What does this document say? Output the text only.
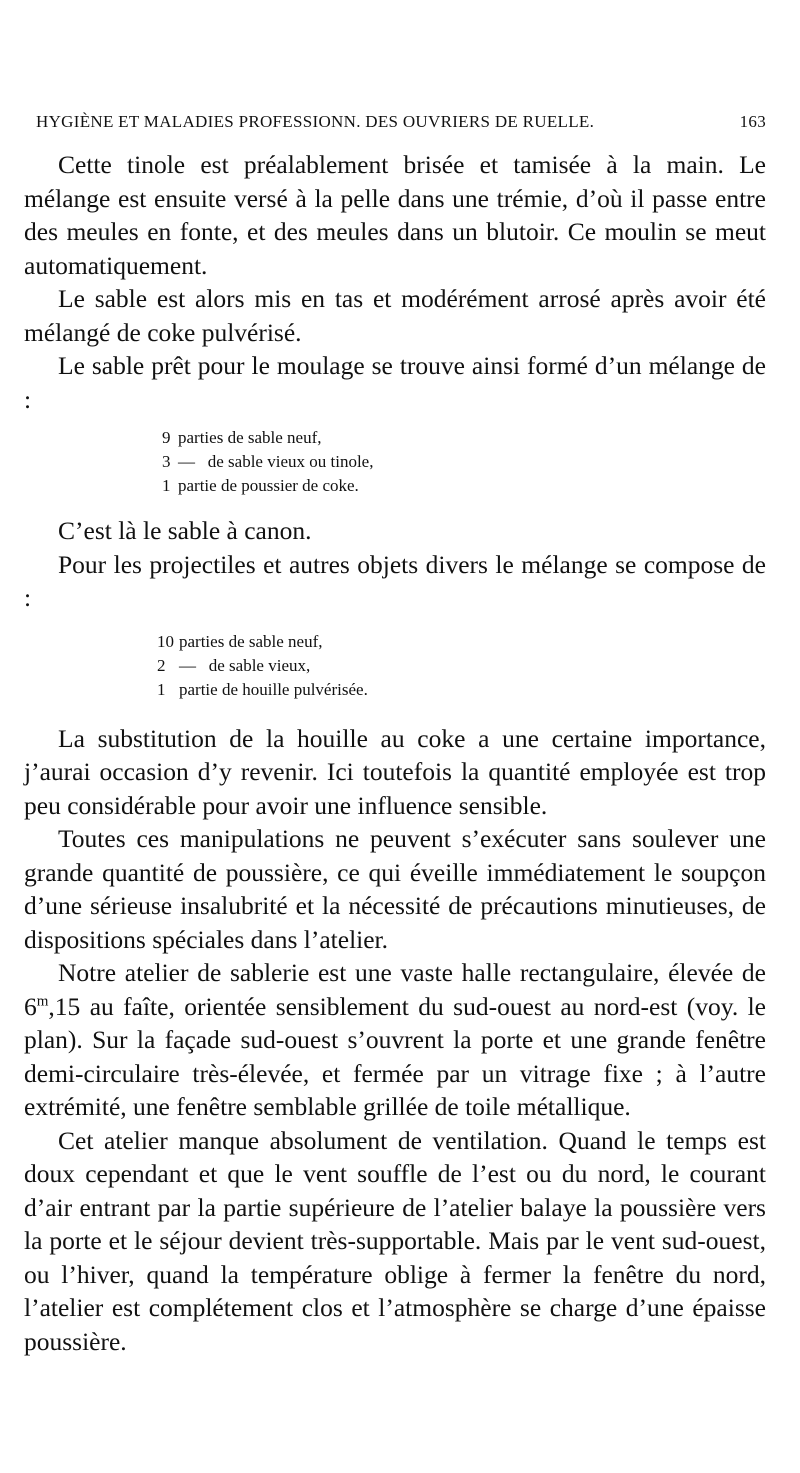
HYGIÈNE ET MALADIES PROFESSIONN. DES OUVRIERS DE RUELLE.	163

Cette tinole est préalablement brisée et tamisée à la main. Le mélange est ensuite versé à la pelle dans une trémie, d’où il passe entre des meules en fonte, et des meules dans un blutoir. Ce moulin se meut automatiquement.

Le sable est alors mis en tas et modérément arrosé après avoir été mélangé de coke pulvérisé.

Le sable prêt pour le moulage se trouve ainsi formé d’un mélange de :

9 parties de sable neuf,
3 —   de sable vieux ou tinole,
1 partie de poussier de coke.

C’est là le sable à canon.

Pour les projectiles et autres objets divers le mélange se compose de :

10 parties de sable neuf,
2 —   de sable vieux,
1 partie de houille pulvérisée.

La substitution de la houille au coke a une certaine importance, j’aurai occasion d’y revenir. Ici toutefois la quantité employée est trop peu considérable pour avoir une influence sensible.

Toutes ces manipulations ne peuvent s’exécuter sans soulever une grande quantité de poussière, ce qui éveille immédiatement le soupçon d’une sérieuse insalubrité et la nécessité de précautions minutieuses, de dispositions spéciales dans l’atelier.

Notre atelier de sablerie est une vaste halle rectangulaire, élevée de 6$^m$,15 au faîte, orientée sensiblement du sud-ouest au nord-est (voy. le plan). Sur la façade sud-ouest s’ouvrent la porte et une grande fenêtre demi-circulaire très-élevée, et fermée par un vitrage fixe ; à l’autre extrémité, une fenêtre semblable grillée de toile métallique.

Cet atelier manque absolument de ventilation. Quand le temps est doux cependant et que le vent souffle de l’est ou du nord, le courant d’air entrant par la partie supérieure de l’atelier balaye la poussière vers la porte et le séjour devient très-supportable. Mais par le vent sud-ouest, ou l’hiver, quand la température oblige à fermer la fenêtre du nord, l’atelier est complétement clos et l’atmosphère se charge d’une épaisse poussière.
